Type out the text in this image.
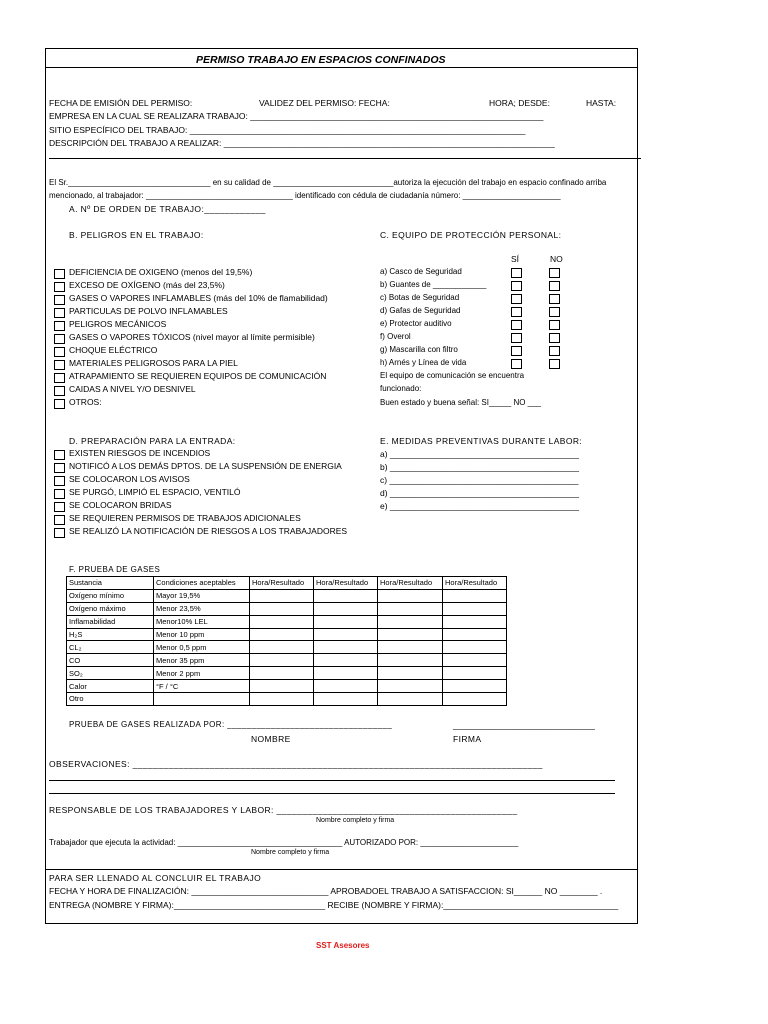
PERMISO TRABAJO EN ESPACIOS CONFINADOS
FECHA DE EMISIÓN DEL PERMISO:	VALIDEZ DEL PERMISO: FECHA:	HORA; DESDE:	HASTA:
EMPRESA EN LA CUAL SE REALIZARA TRABAJO: ______________________________________________________________
SITIO ESPECÍFICO DEL TRABAJO: _______________________________________________________________________
DESCRIPCIÓN DEL TRABAJO A REALIZAR: ______________________________________________________________________
El Sr.________________________________ en su calidad de ___________________________autoriza la ejecución del trabajo en espacio confinado arriba
mencionado, al trabajador: _________________________________ identificado con cédula de ciudadanía número: ______________________
A. Nº DE ORDEN DE TRABAJO:____________
B. PELIGROS EN EL TRABAJO:
DEFICIENCIA DE OXIGENO (menos del 19,5%)
EXCESO DE OXÍGENO (más del 23,5%)
GASES O VAPORES INFLAMABLES (más del 10% de flamabilidad)
PARTICULAS DE POLVO INFLAMABLES
PELIGROS MECÁNICOS
GASES O VAPORES TÓXICOS (nivel mayor al límite permisible)
CHOQUE ELÉCTRICO
MATERIALES PELIGROSOS PARA LA PIEL
ATRAPAMIENTO SE REQUIEREN EQUIPOS DE COMUNICACIÓN
CAIDAS A NIVEL Y/O DESNIVEL
OTROS:
C. EQUIPO DE PROTECCIÓN PERSONAL:
SÍ	NO
a) Casco de Seguridad
b) Guantes de ____________
c) Botas de Seguridad
d) Gafas de Seguridad
e) Protector auditivo
f) Overol
g) Mascarilla con filtro
h) Arnés y Línea de vida
El equipo de comunicación se encuentra
funcionado:
Buen estado y buena señal: SI_____ NO ___
D. PREPARACIÓN PARA LA ENTRADA:
EXISTEN RIESGOS DE INCENDIOS
NOTIFICÓ A LOS DEMÁS DPTOS. DE LA SUSPENSIÓN DE ENERGIA
SE COLOCARON LOS AVISOS
SE PURGÓ, LIMPIÓ EL ESPACIO, VENTILÓ
SE COLOCARON BRIDAS
SE REQUIEREN PERMISOS DE TRABAJOS ADICIONALES
SE REALIZÓ LA NOTIFICACIÓN DE RIESGOS A LOS TRABAJADORES
E. MEDIDAS PREVENTIVAS DURANTE LABOR:
a) ________________________________________
b) ________________________________________
c) ________________________________________
d) ________________________________________
e) ________________________________________
F. PRUEBA DE GASES
Sustancia	Condiciones aceptables	Hora/Resultado	Hora/Resultado	Hora/Resultado	Hora/Resultado
Oxígeno mínimo	Mayor 19,5%				
Oxígeno máximo	Menor 23,5%				
Inflamabilidad	Menor10% LEL				
H₂S	Menor 10 ppm				
CL₂	Menor 0,5 ppm				
CO	Menor 35 ppm				
SO₂	Menor 2 ppm				
Calor	°F / °C				
Otro					
PRUEBA DE GASES REALIZADA POR: __________________________________	______________________________
NOMBRE	FIRMA
OBSERVACIONES: ________________________________________________________________________________
RESPONSABLE DE LOS TRABAJADORES Y LABOR: _______________________________________________
Nombre completo y firma
Trabajador que ejecuta la actividad: _____________________________________ AUTORIZADO POR: ______________________
Nombre completo y firma
PARA SER LLENADO AL CONCLUIR EL TRABAJO
FECHA Y HORA DE FINALIZACIÓN: _____________________________ APROBADOEL TRABAJO A SATISFACCION: SI______ NO ________ .
ENTREGA (NOMBRE Y FIRMA):________________________________ RECIBE (NOMBRE Y FIRMA):_____________________________________
SST Asesores
